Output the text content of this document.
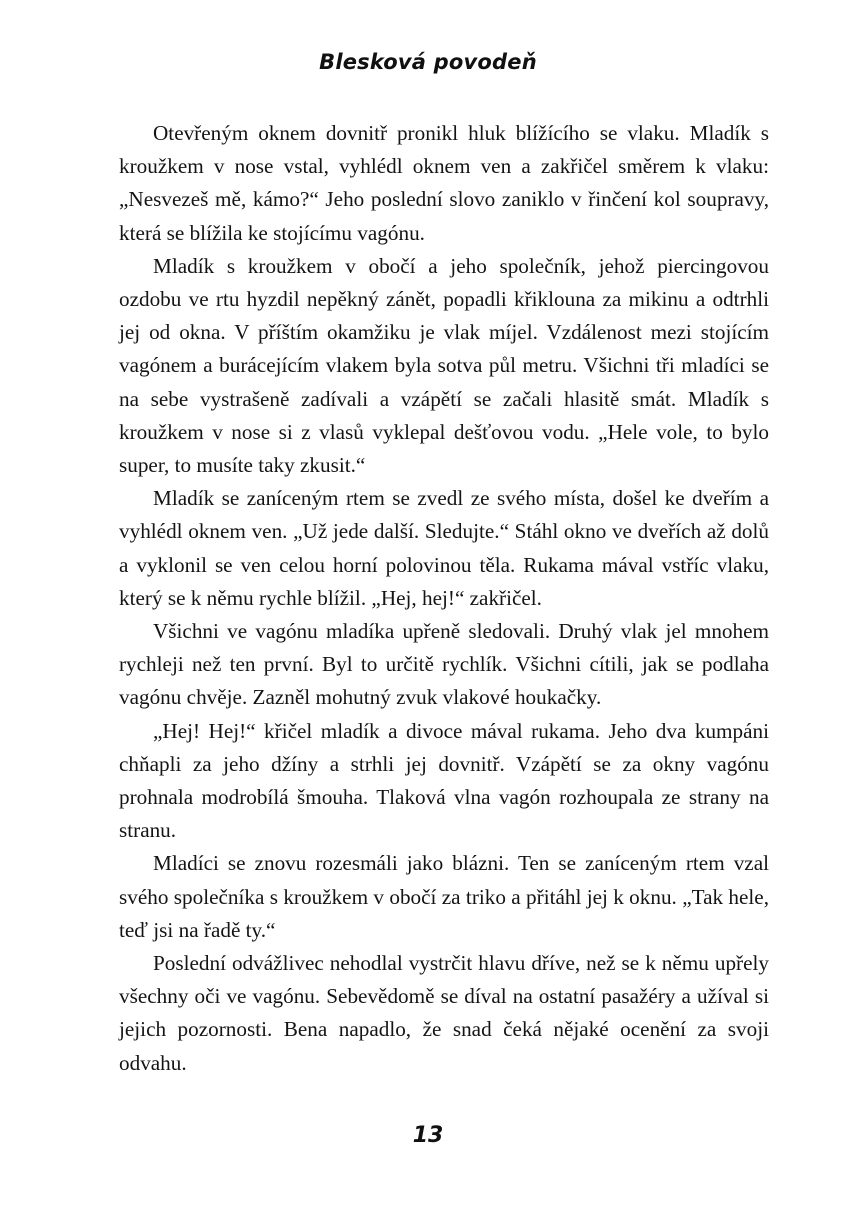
Blesková povodeň

Otevřeným oknem dovnitř pronikl hluk blížícího se vlaku. Mladík s kroužkem v nose vstal, vyhlédl oknem ven a zakřičel směrem k vlaku: „Nesvezeš mě, kámo?“ Jeho poslední slovo zaniklo v řinčení kol soupravy, která se blížila ke stojícímu vagónu.

Mladík s kroužkem v obočí a jeho společník, jehož piercingovou ozdobu ve rtu hyzdil nepěkný zánět, popadli křiklouna za mikinu a odtrhli jej od okna. V příštím okamžiku je vlak míjel. Vzdálenost mezi stojícím vagónem a burácejícím vlakem byla sotva půl metru. Všichni tři mladíci se na sebe vystrašeně zadívali a vzápětí se začali hlasitě smát. Mladík s kroužkem v nose si z vlasů vyklepal dešťovou vodu. „Hele vole, to bylo super, to musíte taky zkusit.“

Mladík se zaníceným rtem se zvedl ze svého místa, došel ke dveřím a vyhlédl oknem ven. „Už jede další. Sledujte.“ Stáhl okno ve dveřích až dolů a vyklonil se ven celou horní polovinou těla. Rukama mával vstříc vlaku, který se k němu rychle blížil. „Hej, hej!“ zakřičel.

Všichni ve vagónu mladíka upřeně sledovali. Druhý vlak jel mnohem rychleji než ten první. Byl to určitě rychlík. Všichni cítili, jak se podlaha vagónu chvěje. Zazněl mohutný zvuk vlakové houkačky.

„Hej! Hej!“ křičel mladík a divoce mával rukama. Jeho dva kumpáni chňapli za jeho džíny a strhli jej dovnitř. Vzápětí se za okny vagónu prohnala modrobílá šmouha. Tlaková vlna vagón rozhoupala ze strany na stranu.

Mladíci se znovu rozesmáli jako blázni. Ten se zaníceným rtem vzal svého společníka s kroužkem v obočí za triko a přitáhl jej k oknu. „Tak hele, teď jsi na řadě ty.“

Poslední odvážlivec nehodlal vystrčit hlavu dříve, než se k němu upřely všechny oči ve vagónu. Sebevědomě se díval na ostatní pasažéry a užíval si jejich pozornosti. Bena napadlo, že snad čeká nějaké ocenění za svoji odvahu.

13
